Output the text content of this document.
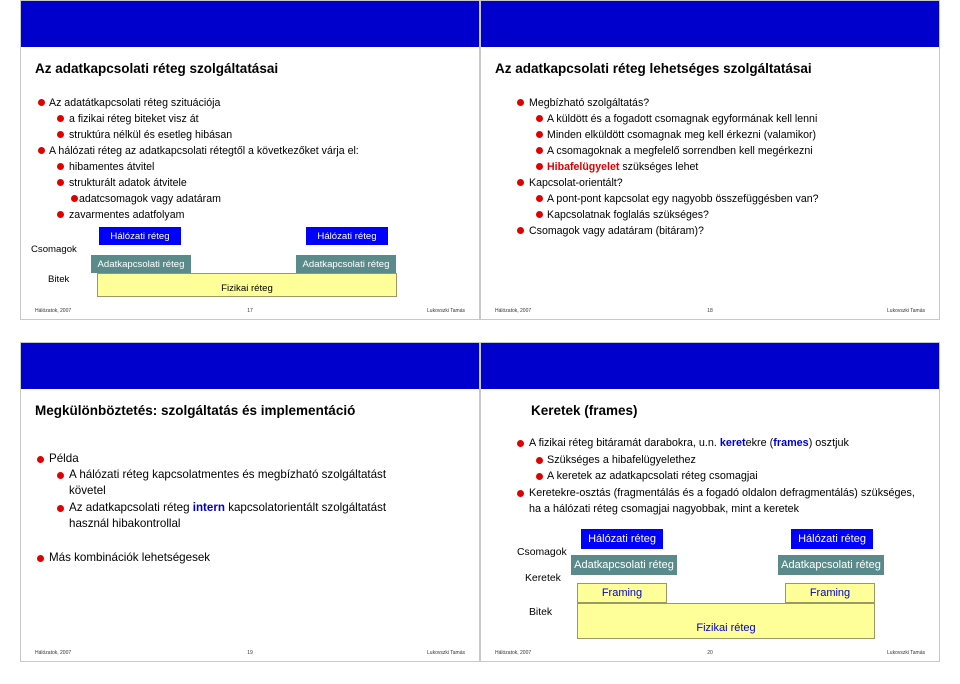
Az adatkapcsolati réteg szolgáltatásai
Az adatátkapcsolati réteg szituációja
a fizikai réteg biteket visz át
struktúra nélkül és esetleg hibásan
A hálózati réteg az adatkapcsolati rétegtől a következőket várja el:
hibamentes átvitel
strukturált adatok átvitele
adatcsomagok vagy adatáram
zavarmentes adatfolyam
Csomagok
Bitek
Hálózati réteg	Hálózati réteg
Adatkapcsolati réteg	Adatkapcsolati réteg
Fizikai réteg
Hálózatok, 2007	17	Lukovszki Tamás
Az adatkapcsolati réteg lehetséges szolgáltatásai
Megbízható szolgáltatás?
A küldött és a fogadott csomagnak egyformának kell lenni
Minden elküldött csomagnak meg kell érkezni (valamikor)
A csomagoknak a megfelelő sorrendben kell megérkezni
Hibafelügyelet szükséges lehet
Kapcsolat-orientált?
A pont-pont kapcsolat egy nagyobb összefüggésben van?
Kapcsolatnak foglalás szükséges?
Csomagok vagy adatáram (bitáram)?
Hálózatok, 2007	18	Lukovszki Tamás
Megkülönböztetés: szolgáltatás és implementáció
Példa
A hálózati réteg kapcsolatmentes és megbízható szolgáltatást követel
Az adatkapcsolati réteg intern kapcsolatorientált szolgáltatást használ hibakontrollal
Más kombinációk lehetségesek
Hálózatok, 2007	19	Lukovszki Tamás
Keretek (frames)
A fizikai réteg bitáramát darabokra, u.n. keretekre (frames) osztjuk
Szükséges a hibafelügyelethez
A keretek az adatkapcsolati réteg csomagjai
Keretekre-osztás (fragmentálás és a fogadó oldalon defragmentálás) szükséges, ha a hálózati réteg csomagjai nagyobbak, mint a keretek
Csomagok
Keretek
Bitek
Hálózati réteg	Hálózati réteg
Adatkapcsolati réteg	Adatkapcsolati réteg
Framing	Framing
Fizikai réteg
Hálózatok, 2007	20	Lukovszki Tamás
